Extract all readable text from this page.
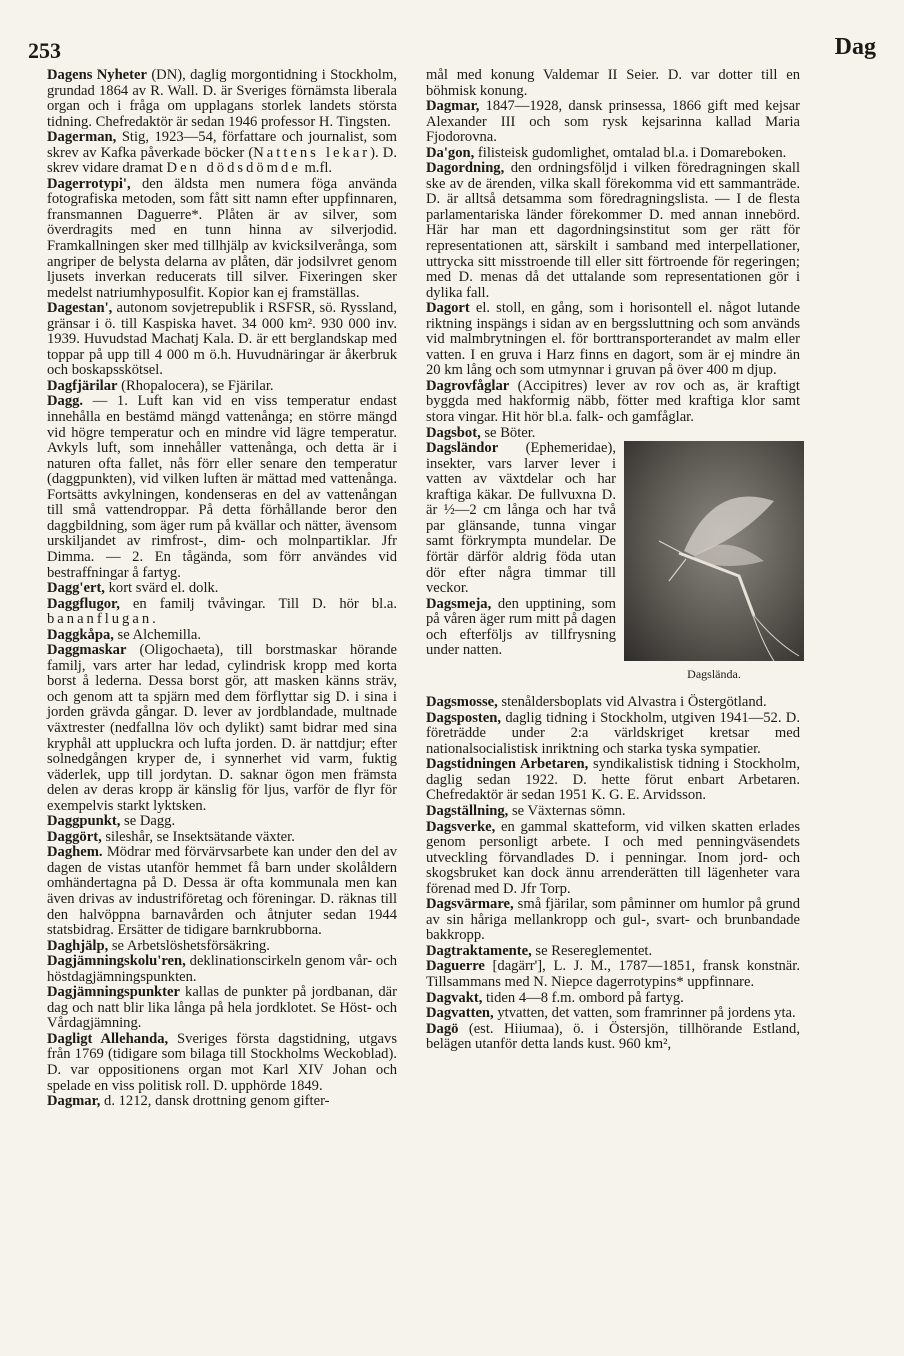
253	Dag

Dagens Nyheter (DN), daglig morgontidning i Stockholm, grundad 1864 av R. Wall. D. är Sveriges förnämsta liberala organ och i fråga om upplagans storlek landets största tidning. Chefredaktör är sedan 1946 professor H. Tingsten.

Dagerman, Stig, 1923—54, författare och journalist, som skrev av Kafka påverkade böcker (Nattens lekar). D. skrev vidare dramat Den dödsdömde m.fl.

Dagerrotypi', den äldsta men numera föga använda fotografiska metoden, som fått sitt namn efter uppfinnaren, fransmannen Daguerre*. Plåten är av silver, som överdragits med en tunn hinna av silverjodid. Framkallningen sker med tillhjälp av kvicksilverånga, som angriper de belysta delarna av plåten, där jodsilvret genom ljusets inverkan reducerats till silver. Fixeringen sker medelst natriumhyposulfit. Kopior kan ej framställas.

Dagestan', autonom sovjetrepublik i RSFSR, sö. Ryssland, gränsar i ö. till Kaspiska havet. 34 000 km². 930 000 inv. 1939. Huvudstad Machatj Kala. D. är ett berglandskap med toppar på upp till 4 000 m ö.h. Huvudnäringar är åkerbruk och boskapsskötsel.

Dagfjärilar (Rhopalocera), se Fjärilar.

Dagg. — 1. Luft kan vid en viss temperatur endast innehålla en bestämd mängd vattenånga; en större mängd vid högre temperatur och en mindre vid lägre temperatur. Avkyls luft, som innehåller vattenånga, och detta är i naturen ofta fallet, nås förr eller senare den temperatur (daggpunkten), vid vilken luften är mättad med vattenånga. Fortsätts avkylningen, kondenseras en del av vattenångan till små vattendroppar. På detta förhållande beror den daggbildning, som äger rum på kvällar och nätter, ävensom urskiljandet av rimfrost-, dim- och molnpartiklar. Jfr Dimma. — 2. En tågända, som förr användes vid bestraffningar å fartyg.

Dagg'ert, kort svärd el. dolk.

Daggflugor, en familj tvåvingar. Till D. hör bl.a. bananflugan.

Daggkåpa, se Alchemilla.

Daggmaskar (Oligochaeta), till borstmaskar hörande familj, vars arter har ledad, cylindrisk kropp med korta borst å lederna. Dessa borst gör, att masken känns sträv, och genom att ta spjärn med dem förflyttar sig D. i sina i jorden grävda gångar. D. lever av jordblandade, multnade växtrester (nedfallna löv och dylikt) samt bidrar med sina kryphål att uppluckra och lufta jorden. D. är nattdjur; efter solnedgången kryper de, i synnerhet vid varm, fuktig väderlek, upp till jordytan. D. saknar ögon men främsta delen av deras kropp är känslig för ljus, varför de flyr för exempelvis starkt lyktsken.

Daggpunkt, se Dagg.

Daggört, sileshår, se Insektsätande växter.

Daghem. Mödrar med förvärvsarbete kan under den del av dagen de vistas utanför hemmet få barn under skolåldern omhändertagna på D. Dessa är ofta kommunala men kan även drivas av industriföretag och föreningar. D. räknas till den halvöppna barnavården och åtnjuter sedan 1944 statsbidrag. Ersätter de tidigare barnkrubborna.

Daghjälp, se Arbetslöshetsförsäkring.

Dagjämningskolu'ren, deklinationscirkeln genom vår- och höstdagjämningspunkten.

Dagjämningspunkter kallas de punkter på jordbanan, där dag och natt blir lika långa på hela jordklotet. Se Höst- och Vårdagjämning.

Dagligt Allehanda, Sveriges första dagstidning, utgavs från 1769 (tidigare som bilaga till Stockholms Weckoblad). D. var oppositionens organ mot Karl XIV Johan och spelade en viss politisk roll. D. upphörde 1849.

Dagmar, d. 1212, dansk drottning genom gifter-

mål med konung Valdemar II Seier. D. var dotter till en böhmisk konung.

Dagmar, 1847—1928, dansk prinsessa, 1866 gift med kejsar Alexander III och som rysk kejsarinna kallad Maria Fjodorovna.

Da'gon, filisteisk gudomlighet, omtalad bl.a. i Domareboken.

Dagordning, den ordningsföljd i vilken föredragningen skall ske av de ärenden, vilka skall förekomma vid ett sammanträde. D. är alltså detsamma som föredragningslista. — I de flesta parlamentariska länder förekommer D. med annan innebörd. Här har man ett dagordningsinstitut som ger rätt för representationen att, särskilt i samband med interpellationer, uttrycka sitt misstroende till eller sitt förtroende för regeringen; med D. menas då det uttalande som representationen gör i dylika fall.

Dagort el. stoll, en gång, som i horisontell el. något lutande riktning inspängs i sidan av en bergssluttning och som används vid malmbrytningen el. för borttransporterandet av malm eller vatten. I en gruva i Harz finns en dagort, som är ej mindre än 20 km lång och som utmynnar i gruvan på över 400 m djup.

Dagrovfåglar (Accipitres) lever av rov och as, är kraftigt byggda med hakformig näbb, fötter med kraftiga klor samt stora vingar. Hit hör bl.a. falk- och gamfåglar.

Dagsbot, se Böter.

Dagslända.

Dagsländor (Ephemeridae), insekter, vars larver lever i vatten av växtdelar och har kraftiga käkar. De fullvuxna D. är ½—2 cm långa och har två par glänsande, tunna vingar samt förkrympta mundelar. De förtär därför aldrig föda utan dör efter några timmar till veckor.

Dagsmeja, den upptining, som på våren äger rum mitt på dagen och efterföljs av tillfrysning under natten.

Dagsmosse, stenåldersboplats vid Alvastra i Östergötland.

Dagsposten, daglig tidning i Stockholm, utgiven 1941—52. D. företrädde under 2:a världskriget kretsar med nationalsocialistisk inriktning och starka tyska sympatier.

Dagstidningen Arbetaren, syndikalistisk tidning i Stockholm, daglig sedan 1922. D. hette förut enbart Arbetaren. Chefredaktör är sedan 1951 K. G. E. Arvidsson.

Dagställning, se Växternas sömn.

Dagsverke, en gammal skatteform, vid vilken skatten erlades genom personligt arbete. I och med penningväsendets utveckling förvandlades D. i penningar. Inom jord- och skogsbruket kan dock ännu arrenderätten till lägenheter vara förenad med D. Jfr Torp.

Dagsvärmare, små fjärilar, som påminner om humlor på grund av sin håriga mellankropp och gul-, svart- och brunbandade bakkropp.

Dagtraktamente, se Resereglementet.

Daguerre [dagärr'], L. J. M., 1787—1851, fransk konstnär. Tillsammans med N. Niepce dagerrotypins* uppfinnare.

Dagvakt, tiden 4—8 f.m. ombord på fartyg.

Dagvatten, ytvatten, det vatten, som framrinner på jordens yta.

Dagö (est. Hiiumaa), ö. i Östersjön, tillhörande Estland, belägen utanför detta lands kust. 960 km²,
